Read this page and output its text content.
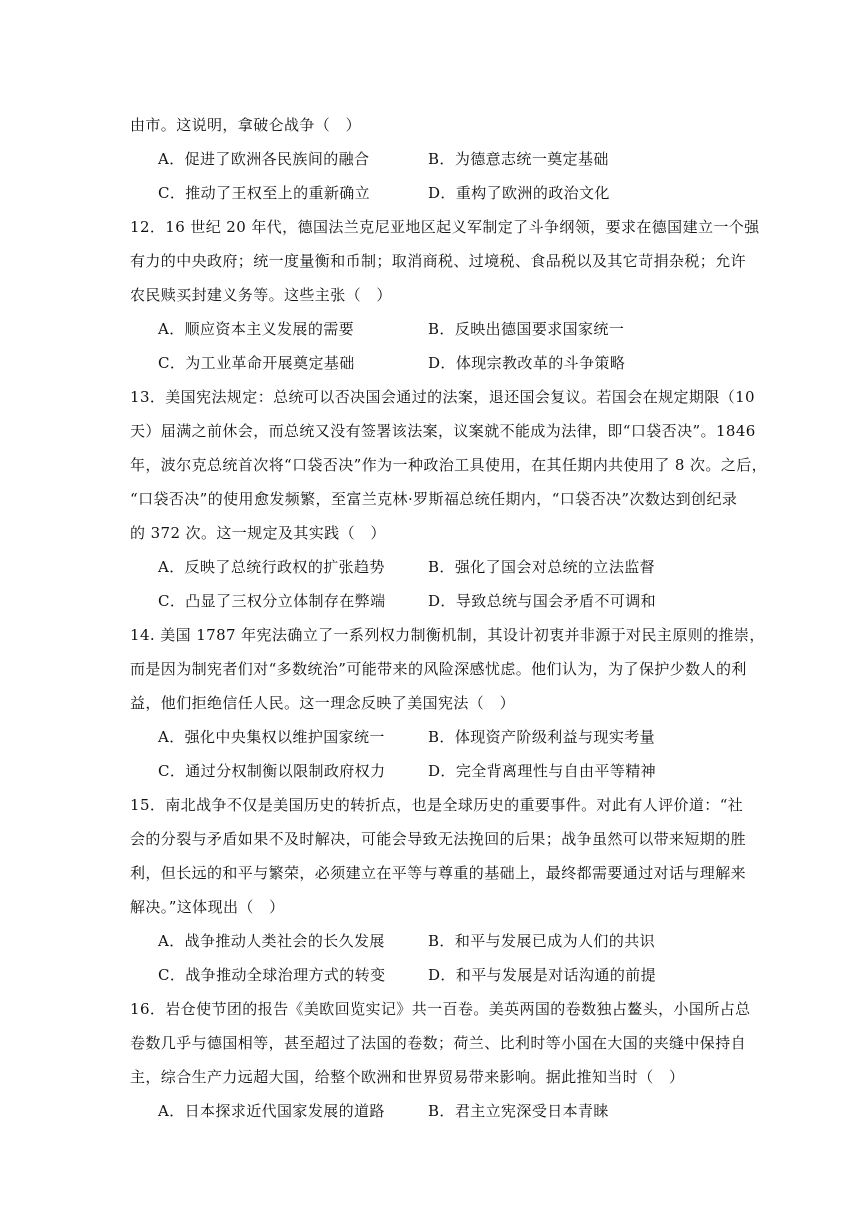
由市。这说明，拿破仑战争（　）
A．促进了欧洲各民族间的融合	B．为德意志统一奠定基础
C．推动了王权至上的重新确立	D．重构了欧洲的政治文化
12．16 世纪 20 年代，德国法兰克尼亚地区起义军制定了斗争纲领，要求在德国建立一个强
有力的中央政府；统一度量衡和币制；取消商税、过境税、食品税以及其它苛捐杂税；允许
农民赎买封建义务等。这些主张（　）
A．顺应资本主义发展的需要	B．反映出德国要求国家统一
C．为工业革命开展奠定基础	D．体现宗教改革的斗争策略
13．美国宪法规定：总统可以否决国会通过的法案，退还国会复议。若国会在规定期限（10
天）届满之前休会，而总统又没有签署该法案，议案就不能成为法律，即“口袋否决”。1846
年，波尔克总统首次将“口袋否决”作为一种政治工具使用，在其任期内共使用了 8 次。之后，
“口袋否决”的使用愈发频繁，至富兰克林·罗斯福总统任期内，“口袋否决”次数达到创纪录
的 372 次。这一规定及其实践（　）
A．反映了总统行政权的扩张趋势	B．强化了国会对总统的立法监督
C．凸显了三权分立体制存在弊端	D．导致总统与国会矛盾不可调和
14. 美国 1787 年宪法确立了一系列权力制衡机制，其设计初衷并非源于对民主原则的推崇，
而是因为制宪者们对“多数统治”可能带来的风险深感忧虑。他们认为，为了保护少数人的利
益，他们拒绝信任人民。这一理念反映了美国宪法（　）
A．强化中央集权以维护国家统一	B．体现资产阶级利益与现实考量
C．通过分权制衡以限制政府权力	D．完全背离理性与自由平等精神
15．南北战争不仅是美国历史的转折点，也是全球历史的重要事件。对此有人评价道：“社
会的分裂与矛盾如果不及时解决，可能会导致无法挽回的后果；战争虽然可以带来短期的胜
利，但长远的和平与繁荣，必须建立在平等与尊重的基础上，最终都需要通过对话与理解来
解决。”这体现出（　）
A．战争推动人类社会的长久发展	B．和平与发展已成为人们的共识
C．战争推动全球治理方式的转变	D．和平与发展是对话沟通的前提
16．岩仓使节团的报告《美欧回览实记》共一百卷。美英两国的卷数独占鳌头，小国所占总
卷数几乎与德国相等，甚至超过了法国的卷数；荷兰、比利时等小国在大国的夹缝中保持自
主，综合生产力远超大国，给整个欧洲和世界贸易带来影响。据此推知当时（　）
A．日本探求近代国家发展的道路	B．君主立宪深受日本青睐
